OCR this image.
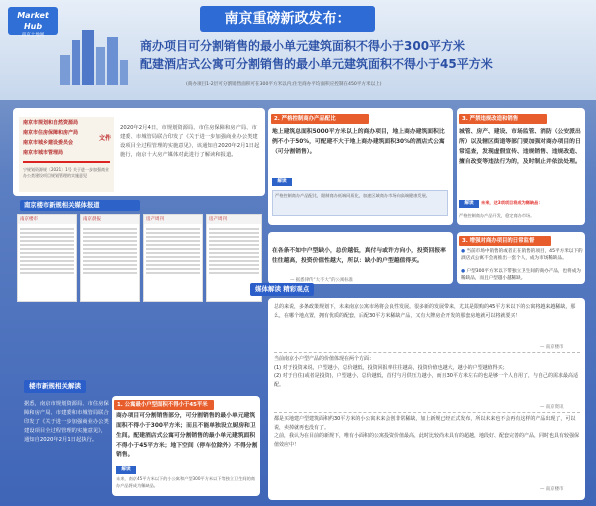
Market Hub
南京土地网
南京重磅新政发布：
商办项目可分割销售的最小单元建筑面积不得小于300平方米
配建酒店式公寓可分割销售的最小单元建筑面积不得小于45平方米
(商办项目1-2层可分割销售面积可在300平方米以内;住宅商办平均面积应控制在450平方米以上)
南京市规划和自然资源局
南京市住房保障和房产局
南京市城乡建设委员会
南京市城市管理局
文件
宁规划资源规〔2021〕1号 关于进一步加强商业办公类建设项目规划管理的实施意见
2020年2月4日，市规划资源局、市住房保障和房产局、市建委、市城管局联合印发了《关于进一步加强商业办公类建设项目全过程管理的实施意见》，该通知自2020年2月1日起施行，南京十大房产媒体对此进行了解读和报道。
南京楼市新规相关媒体报道
南京楼市	南京晨报	房产周刊	房产周刊
楼市新规相关解读
据悉，南京市规划资源局、市住房保障和房产局、市建委和市城管局联合印发了《关于进一步加强商业办公类建设项目全过程管理的实施意见》，通知自2020年2月1日起执行。
1. 公寓最小户型面积不得小于45平米
商办项目可分割销售部分，可分割销售的最小单元建筑面积不得小于300平方米；而且不能单独设立厨房和卫生间。配建酒店式公寓可分割销售的最小单元建筑面积不得小于45平方米；地下空间（停车位除外）不得分割销售。
解读
未来，南京45平方米以下的小公寓和户型300平方米以下等独立卫生间的商办产品将成为稀缺品。
2. 严格控制商办产品配比
地上建筑总面积5000平方米以上的商办项目，地上商办建筑面积比例不小于50%，可配建不大于地上商办建筑面积30%的酒店式公寓（可分割销售）。
解读
严格控制商办产品配比，限制商办低端同质化，加速区域商办市场向高端健康发展。
3. 严禁违规改造和销售
城管、房产、建设、市场监管、消防（公安派出所）以及辖区街道等部门要加强对商办项目的日常巡查，发现虚假宣传、违规销售、违规改造、擅自改变等违法行为的，及时制止并依法处理。
解读	未来，这3项项目将成为稀缺品：
严格控制商办产品开发，稳定商办市场。
在各条不如中户型缺小，总价越低，真付与或许方向小，投资回报率往往越高，投资价值性越大，所以：缺小的户型越值得买。
— 据悉律传“大不大”的公寓标准
3. 增强对商办项目的日常监督
● 当前市场中销售的或者正在销售的项目，45平方米以下的酒店式公寓不会再推出一套个人，成为市场稀缺品。
● 户型300平方米以下带独立卫生间的商办产品，也将成为稀缺品，而且户型越小越稀缺。
媒体解读 精彩观点
总的来说，多条政策规划下，未来南京公寓市场将会良性发展。很多新的发展带来，尤其是限购的45平方米以下的公寓将越来越稀缺，那么，在哪个地点置，拥有优质的配套，后配30平方米稀缺产品，又有大牌房企开发的那套房地就可以将就要买！
— 南京楼市
当前南京小户型产品的价值体现在两个方面：
(1) 对于投资来说，户型越小，总价越低，投资回报率往往越高，投资价值也越大，越小的户型越值得买；
(2) 对于自住(或者是投资)，户型越小，总价越低，首付与月供压力越小，而且30平方米左右的也是够一个人自用了，与自己的需求最高适配。
— 南京资讯
都是买地建户型建筑面积约30平方米的小公寓未来会创非常稀缺，加上新规已经正式发布，所以未来也不会再有这样的产品出现了，可以说，卖掉就再也没有了。
之前，我认为在目前的新规下，唯有小面积的公寓投资价值最高，此时比较尚未具有的超越，地段好、配套完善的产品，同时也具有较强保值效应中！
— 南京楼市
